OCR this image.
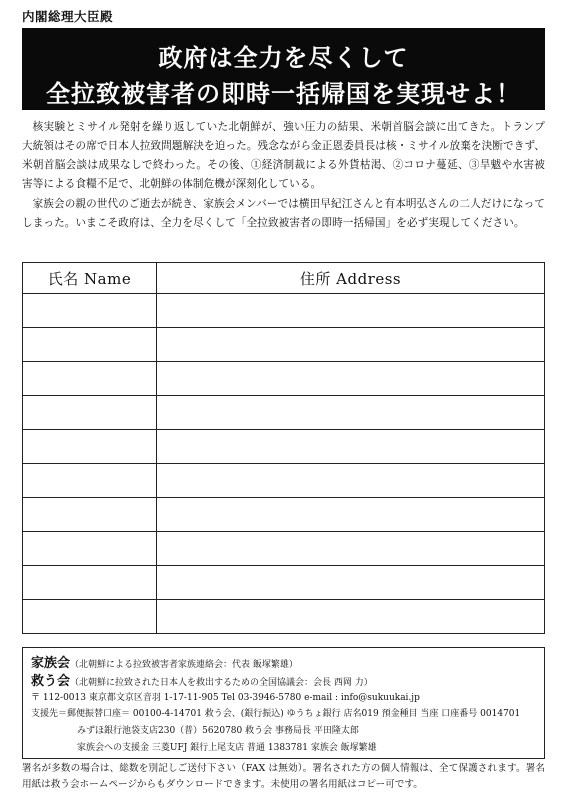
内閣総理大臣殿
政府は全力を尽くして
全拉致被害者の即時一括帰国を実現せよ！
核実験とミサイル発射を繰り返していた北朝鮮が、強い圧力の結果、米朝首脳会談に出てきた。トランプ大統領はその席で日本人拉致問題解決を迫った。残念ながら金正恩委員長は核・ミサイル放棄を決断できず、米朝首脳会談は成果なしで終わった。その後、①経済制裁による外貨枯渇、②コロナ蔓延、③旱魃や水害被害等による食糧不足で、北朝鮮の体制危機が深刻化している。
家族会の親の世代のご逝去が続き、家族会メンバーでは横田早紀江さんと有本明弘さんの二人だけになってしまった。いまこそ政府は、全力を尽くして「全拉致被害者の即時一括帰国」を必ず実現してください。
氏名 Name	住所 Address

家族会（北朝鮮による拉致被害者家族連絡会：代表 飯塚繁雄）
救う会（北朝鮮に拉致された日本人を救出するための全国協議会：会長 西岡 力）
〒 112-0013 東京都文京区音羽 1-17-11-905 Tel 03-3946-5780 e-mail : info@sukuukai.jp
支援先＝郵便振替口座＝ 00100-4-14701 救う会、(銀行振込) ゆうちょ銀行 店名019 預金種目 当座 口座番号 0014701
みずほ銀行池袋支店230（普）5620780 救う会 事務局長 平田隆太郎
家族会への支援金 三菱UFJ 銀行上尾支店 普通 1383781 家族会 飯塚繁雄
署名が多数の場合は、総数を別記しご送付下さい（FAX は無効）。署名された方の個人情報は、全て保護されます。署名用紙は救う会ホームページからもダウンロードできます。未使用の署名用紙はコピー可です。
